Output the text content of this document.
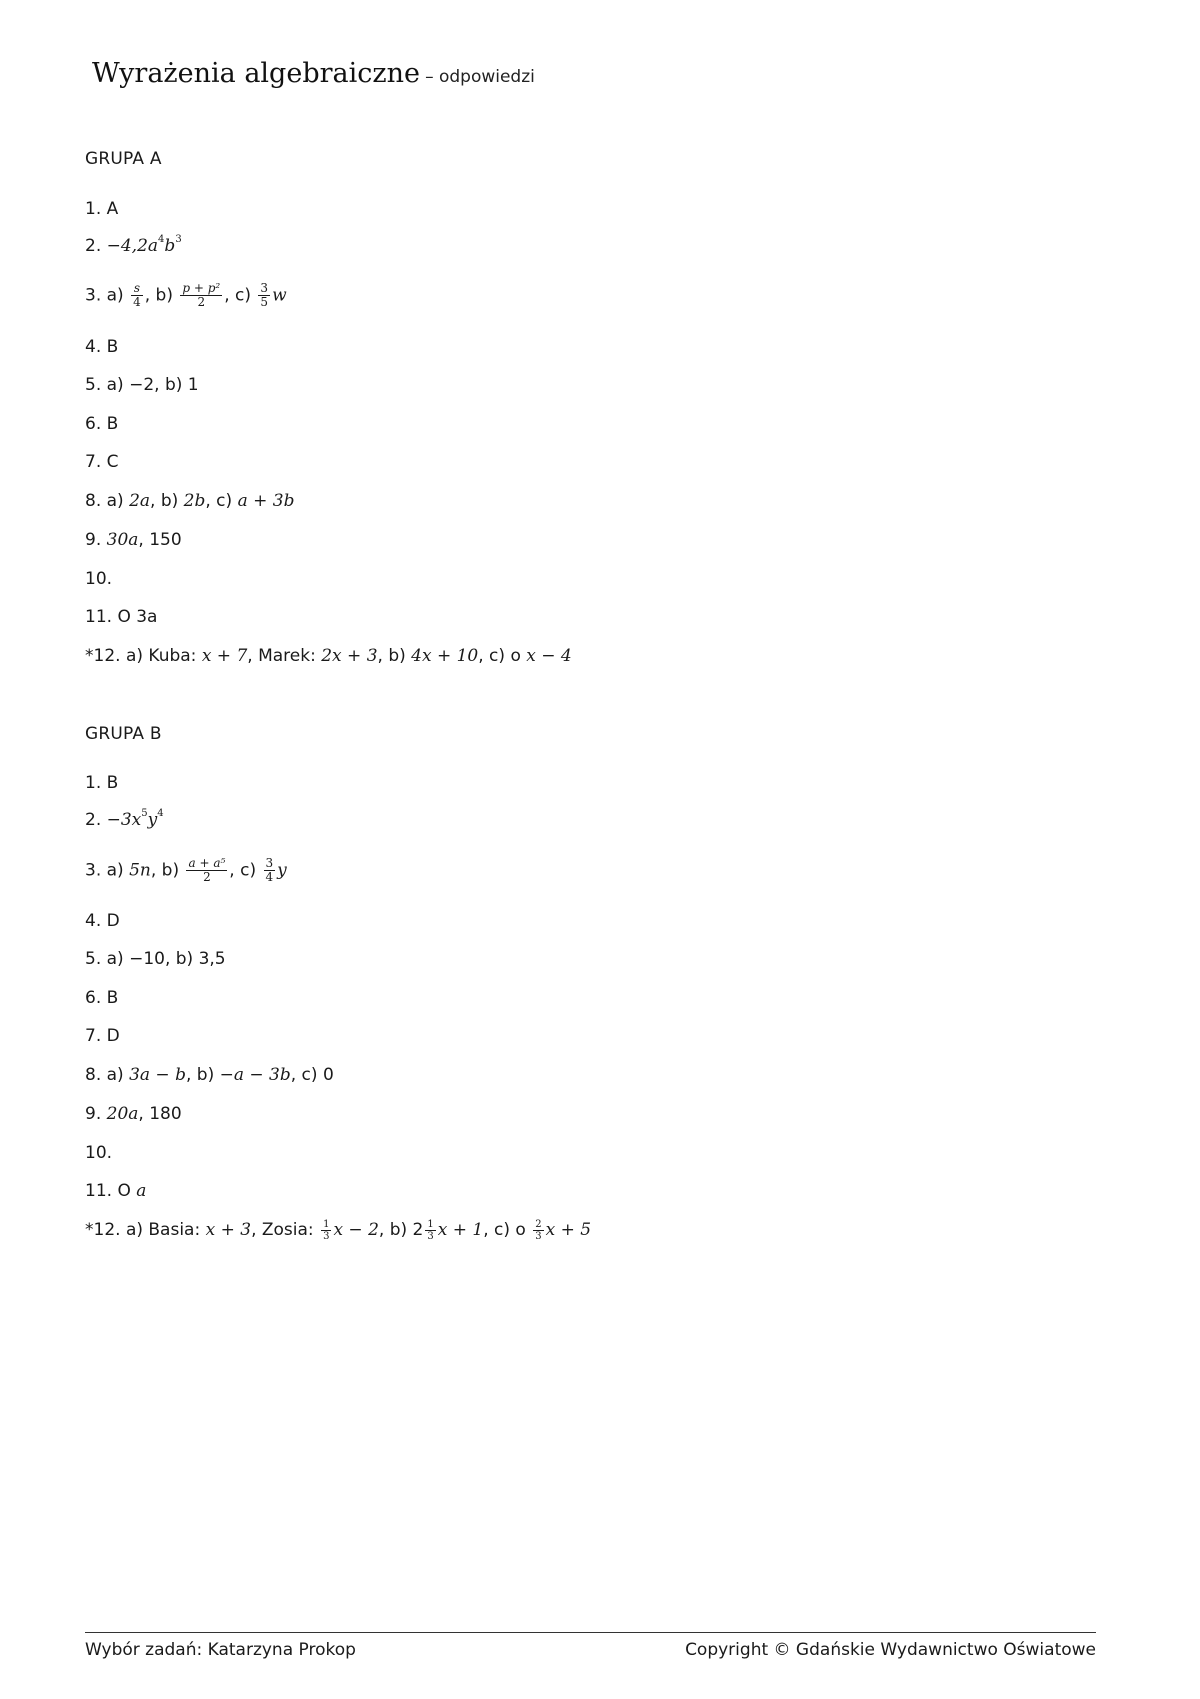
Wyrażenia algebraiczne – odpowiedzi
GRUPA A
1. A
2. $-4,2a^4b^3$
3. $a) \frac{s}{4}$ , $b) \frac{\text{p + p²}}{2}$ , $c) \frac{3}{5}$ w
4. B
5. a) −2, b) 1
6. B
7. C
8. a) 2a, b) 2b, c) a + 3b
9. 30a, 150
10.
11. O 3a
*12. a) Kuba: x + 7, Marek: 2x + 3, b) 4x + 10, c) o x − 4
GRUPA B
1. B
2. $-3x^5y^4$
3. a) 5n, $b) \frac{\text{a + a⁵}}{2}$ , $c) \frac{3}{4}$ y
4. D
5. a) −10, b) 3,5
6. B
7. D
8. a) 3a − b, b) −a − 3b, c) 0
9. 20a, 180
10.
11. O a
*12. a) Basia: x + 3, Zosia: $\frac{1}{3}$ x − 2, b) $2 \frac{1}{3}$ x + 1, c) o $\frac{2}{3}$ x + 5
Wybór zadań: Katarzyna Prokop	Copyright © Gdańskie Wydawnictwo Oświatowe
